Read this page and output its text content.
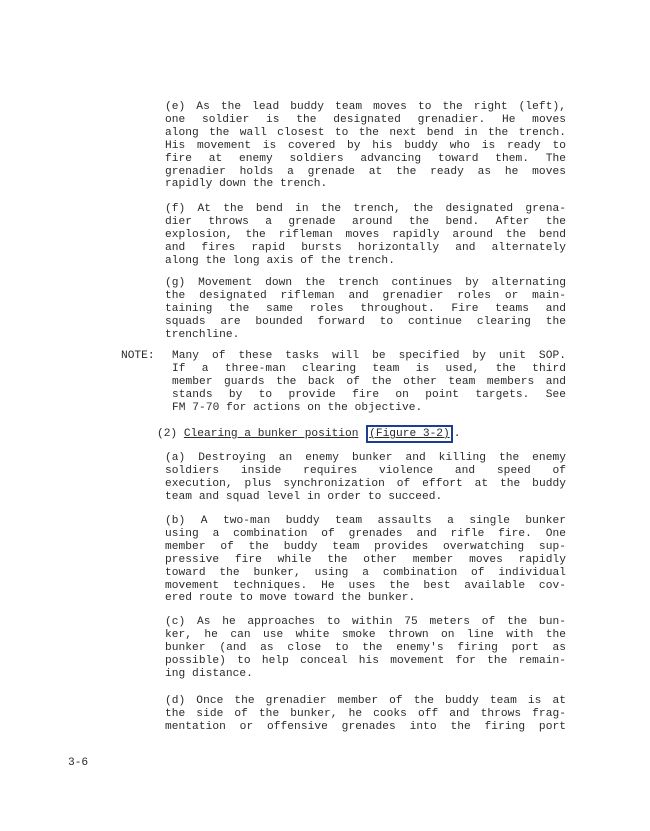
(e) As the lead buddy team moves to the right (left),
one soldier is the designated grenadier. He moves
along the wall closest to the next bend in the trench.
His movement is covered by his buddy who is ready to
fire at enemy soldiers advancing toward them. The
grenadier holds a grenade at the ready as he moves
rapidly down the trench.
(f) At the bend in the trench, the designated grena-
dier throws a grenade around the bend. After the
explosion, the rifleman moves rapidly around the bend
and fires rapid bursts horizontally and alternately
along the long axis of the trench.
(g) Movement down the trench continues by alternating
the designated rifleman and grenadier roles or main-
taining the same roles throughout. Fire teams and
squads are bounded forward to continue clearing the
trenchline.
NOTE: Many of these tasks will be specified by unit SOP.
If a three-man clearing team is used, the third
member guards the back of the other team members and
stands by to provide fire on point targets. See
FM 7-70 for actions on the objective.
(2) Clearing a bunker position (Figure 3-2) .
(a) Destroying an enemy bunker and killing the enemy
soldiers inside requires violence and speed of
execution, plus synchronization of effort at the buddy
team and squad level in order to succeed.
(b) A two-man buddy team assaults a single bunker
using a combination of grenades and rifle fire. One
member of the buddy team provides overwatching sup-
pressive fire while the other member moves rapidly
toward the bunker, using a combination of individual
movement techniques. He uses the best available cov-
ered route to move toward the bunker.
(c) As he approaches to within 75 meters of the bun-
ker, he can use white smoke thrown on line with the
bunker (and as close to the enemy's firing port as
possible) to help conceal his movement for the remain-
ing distance.
(d) Once the grenadier member of the buddy team is at
the side of the bunker, he cooks off and throws frag-
mentation or offensive grenades into the firing port
3-6
